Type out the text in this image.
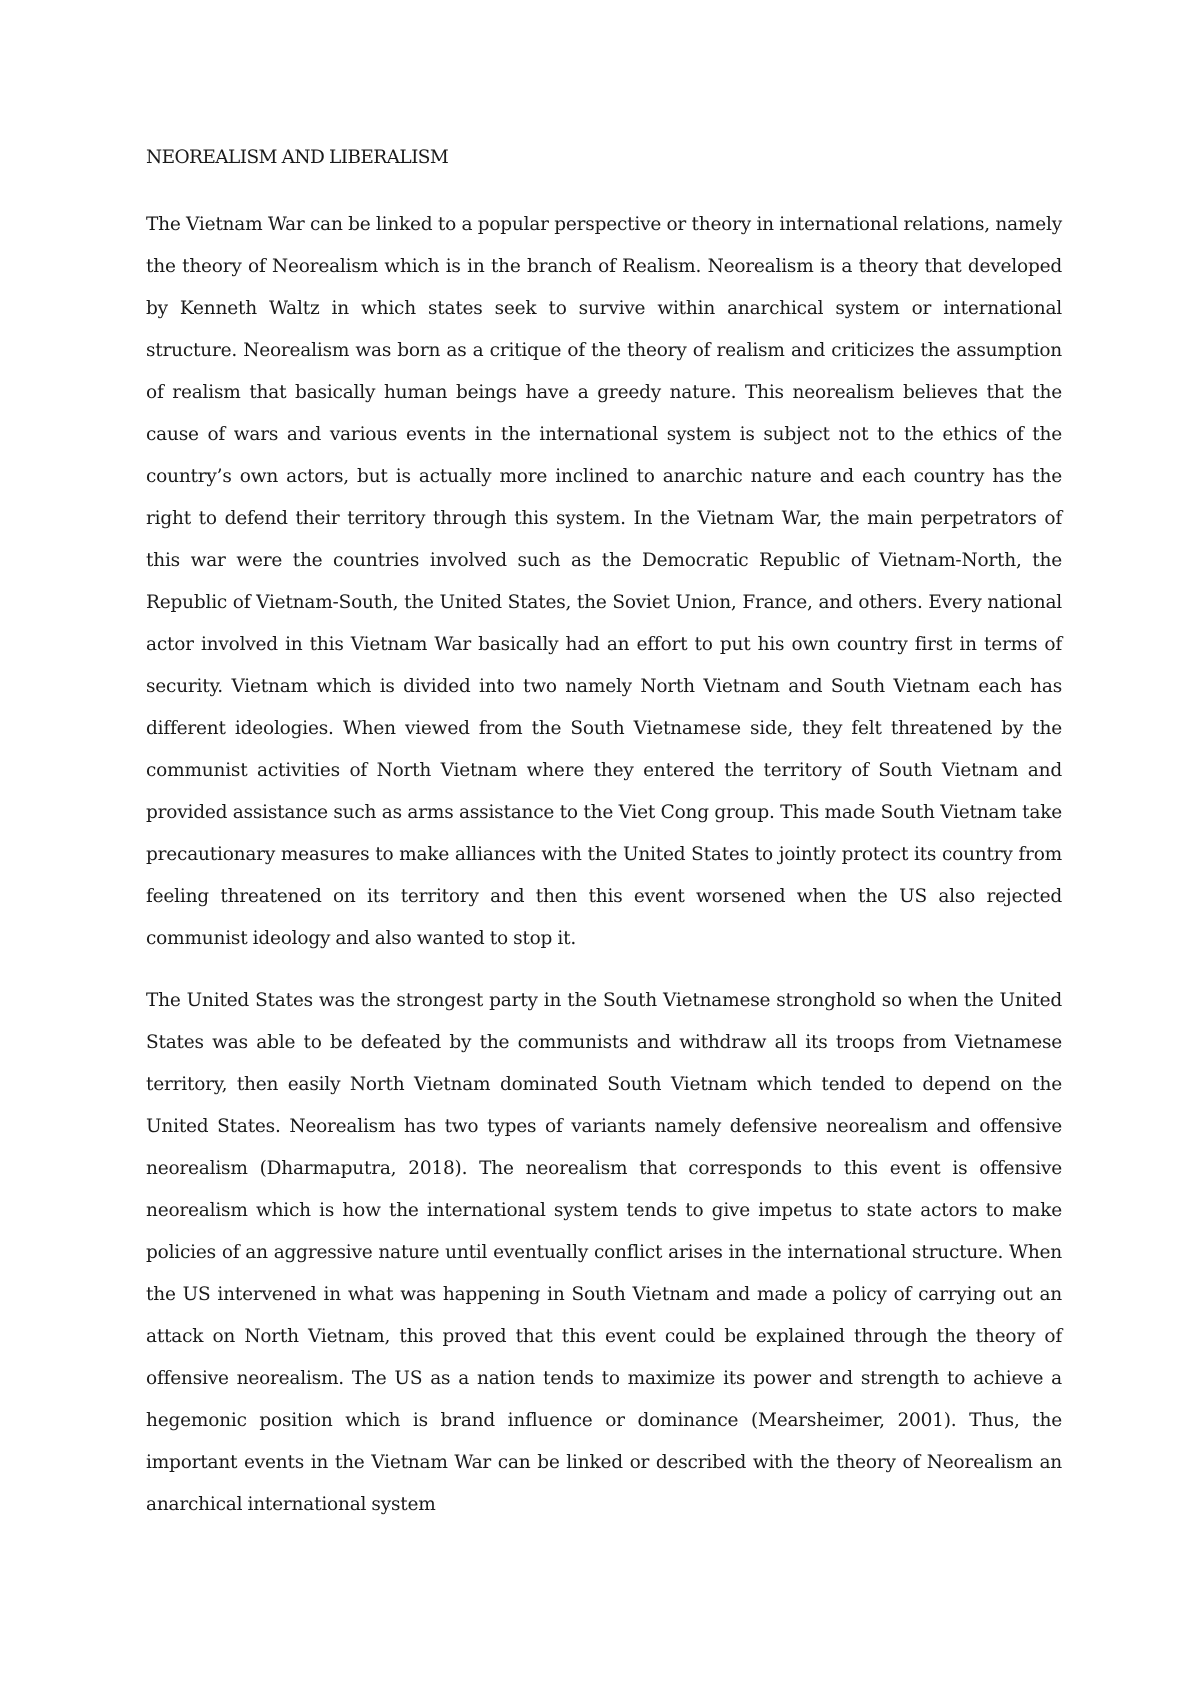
NEOREALISM AND LIBERALISM

The Vietnam War can be linked to a popular perspective or theory in international relations, namely the theory of Neorealism which is in the branch of Realism. Neorealism is a theory that developed by Kenneth Waltz in which states seek to survive within anarchical system or international structure. Neorealism was born as a critique of the theory of realism and criticizes the assumption of realism that basically human beings have a greedy nature. This neorealism believes that the cause of wars and various events in the international system is subject not to the ethics of the country’s own actors, but is actually more inclined to anarchic nature and each country has the right to defend their territory through this system. In the Vietnam War, the main perpetrators of this war were the countries involved such as the Democratic Republic of Vietnam-North, the Republic of Vietnam-South, the United States, the Soviet Union, France, and others. Every national actor involved in this Vietnam War basically had an effort to put his own country first in terms of security. Vietnam which is divided into two namely North Vietnam and South Vietnam each has different ideologies. When viewed from the South Vietnamese side, they felt threatened by the communist activities of North Vietnam where they entered the territory of South Vietnam and provided assistance such as arms assistance to the Viet Cong group. This made South Vietnam take precautionary measures to make alliances with the United States to jointly protect its country from feeling threatened on its territory and then this event worsened when the US also rejected communist ideology and also wanted to stop it.

The United States was the strongest party in the South Vietnamese stronghold so when the United States was able to be defeated by the communists and withdraw all its troops from Vietnamese territory, then easily North Vietnam dominated South Vietnam which tended to depend on the United States. Neorealism has two types of variants namely defensive neorealism and offensive neorealism (Dharmaputra, 2018). The neorealism that corresponds to this event is offensive neorealism which is how the international system tends to give impetus to state actors to make policies of an aggressive nature until eventually conflict arises in the international structure. When the US intervened in what was happening in South Vietnam and made a policy of carrying out an attack on North Vietnam, this proved that this event could be explained through the theory of offensive neorealism. The US as a nation tends to maximize its power and strength to achieve a hegemonic position which is brand influence or dominance (Mearsheimer, 2001). Thus, the important events in the Vietnam War can be linked or described with the theory of Neorealism an anarchical international system
